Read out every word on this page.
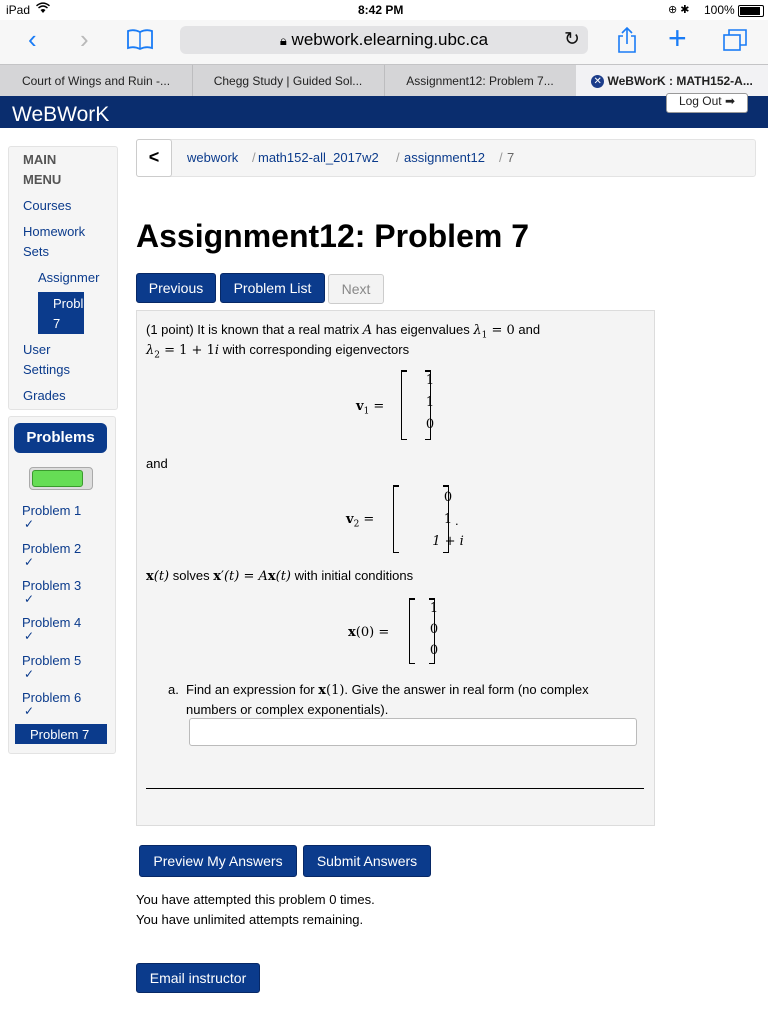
iPad	8:42 PM	⊕ ✱ 100%
‹ ›	🔒︎ webwork.elearning.ubc.ca	↻	+
Court of Wings and Ruin -...	Chegg Study | Guided Sol...	Assignment12: Problem 7...	✕ WeBWorK : MATH152-A...
WeBWorK
Log Out ➡
MAIN
MENU
Courses
Homework
Sets
Assignmer
Probl
7
User
Settings
Grades
Problems
Problem 1
✓
Problem 2
✓
Problem 3
✓
Problem 4
✓
Problem 5
✓
Problem 6
✓
Problem 7
webwork / math152-all_2017w2 / assignment12 / 7
<
Assignment12: Problem 7
Previous	Problem List	Next
(1 point) It is known that a real matrix A has eigenvalues $\lambda_1 = 0$ and
$\lambda_2 = 1 + 1i$ with corresponding eigenvectors
$v_1$ =
1
1
0
and
$v_2$ =
0
1
1 + i
.
x(t) solves x′(t) = Ax(t) with initial conditions
x(0) =
1
0
0
a. Find an expression for x(1). Give the answer in real form (no complex
numbers or complex exponentials).
Preview My Answers	Submit Answers
You have attempted this problem 0 times.
You have unlimited attempts remaining.
Email instructor
